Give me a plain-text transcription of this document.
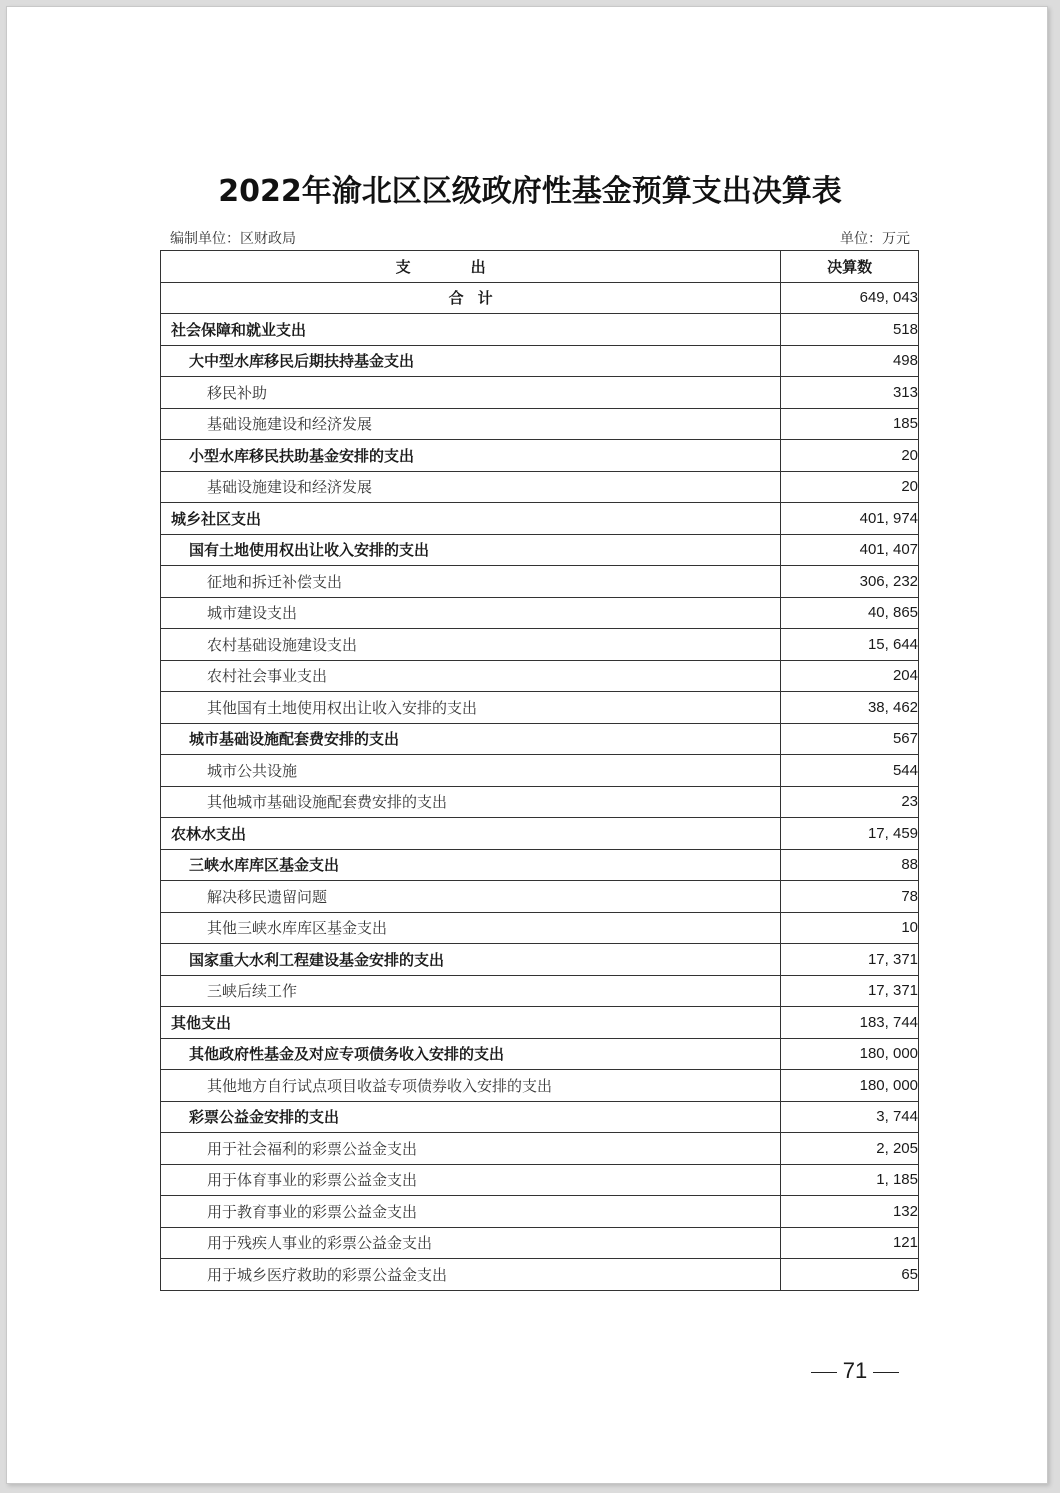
2022年渝北区区级政府性基金预算支出决算表
编制单位：区财政局	单位：万元
支出	决算数
合计	649, 043
社会保障和就业支出	518
大中型水库移民后期扶持基金支出	498
移民补助	313
基础设施建设和经济发展	185
小型水库移民扶助基金安排的支出	20
基础设施建设和经济发展	20
城乡社区支出	401, 974
国有土地使用权出让收入安排的支出	401, 407
征地和拆迁补偿支出	306, 232
城市建设支出	40, 865
农村基础设施建设支出	15, 644
农村社会事业支出	204
其他国有土地使用权出让收入安排的支出	38, 462
城市基础设施配套费安排的支出	567
城市公共设施	544
其他城市基础设施配套费安排的支出	23
农林水支出	17, 459
三峡水库库区基金支出	88
解决移民遗留问题	78
其他三峡水库库区基金支出	10
国家重大水利工程建设基金安排的支出	17, 371
三峡后续工作	17, 371
其他支出	183, 744
其他政府性基金及对应专项债务收入安排的支出	180, 000
其他地方自行试点项目收益专项债券收入安排的支出	180, 000
彩票公益金安排的支出	3, 744
用于社会福利的彩票公益金支出	2, 205
用于体育事业的彩票公益金支出	1, 185
用于教育事业的彩票公益金支出	132
用于残疾人事业的彩票公益金支出	121
用于城乡医疗救助的彩票公益金支出	65
71
